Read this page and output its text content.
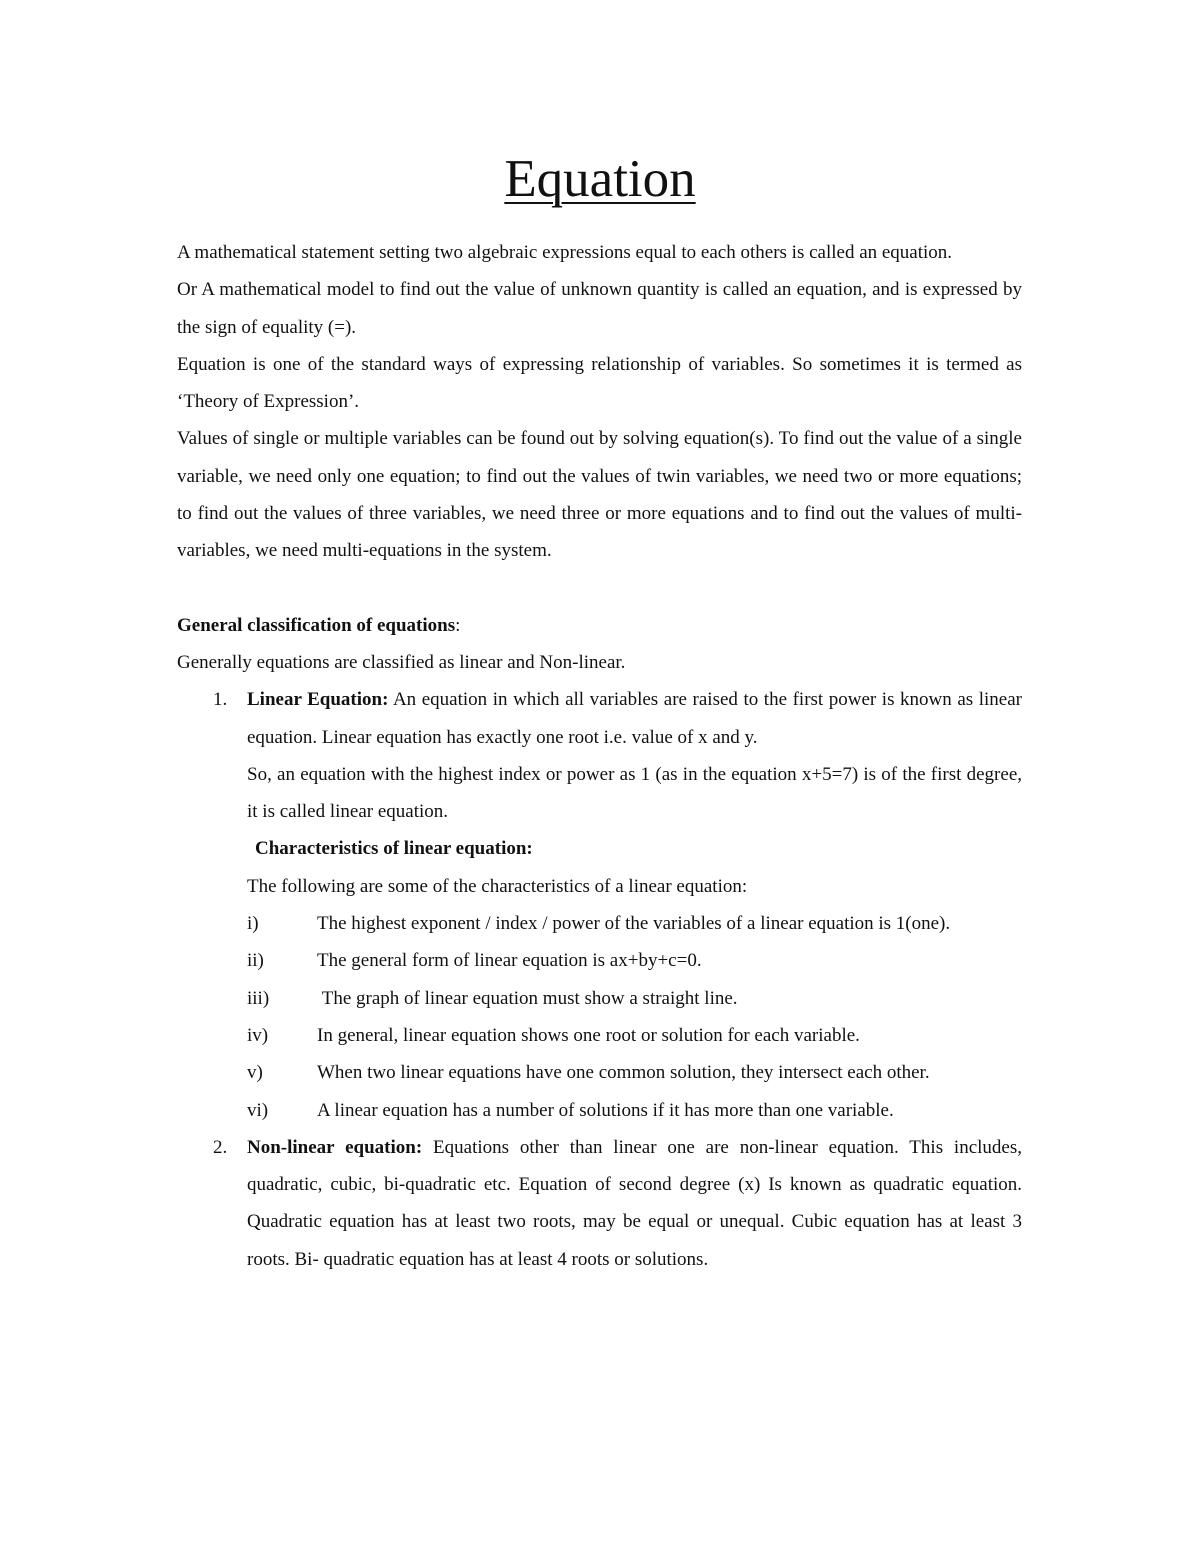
Equation

A mathematical statement setting two algebraic expressions equal to each others is called an equation.

Or A mathematical model to find out the value of unknown quantity is called an equation, and is expressed by the sign of equality (=).

Equation is one of the standard ways of expressing relationship of variables. So sometimes it is termed as ‘Theory of Expression’.

Values of single or multiple variables can be found out by solving equation(s). To find out the value of a single variable, we need only one equation; to find out the values of twin variables, we need two or more equations; to find out the values of three variables, we need three or more equations and to find out the values of multi-variables, we need multi-equations in the system.

General classification of equations:

Generally equations are classified as linear and Non-linear.

1. Linear Equation: An equation in which all variables are raised to the first power is known as linear equation. Linear equation has exactly one root i.e. value of x and y.

So, an equation with the highest index or power as 1 (as in the equation x+5=7) is of the first degree, it is called linear equation.

Characteristics of linear equation:

The following are some of the characteristics of a linear equation:

i)	The highest exponent / index / power of the variables of a linear equation is 1(one).

ii)	The general form of linear equation is ax+by+c=0.

iii)	The graph of linear equation must show a straight line.

iv)	In general, linear equation shows one root or solution for each variable.

v)	When two linear equations have one common solution, they intersect each other.

vi)	A linear equation has a number of solutions if it has more than one variable.

2. Non-linear equation: Equations other than linear one are non-linear equation. This includes, quadratic, cubic, bi-quadratic etc. Equation of second degree (x) Is known as quadratic equation. Quadratic equation has at least two roots, may be equal or unequal. Cubic equation has at least 3 roots. Bi- quadratic equation has at least 4 roots or solutions.
